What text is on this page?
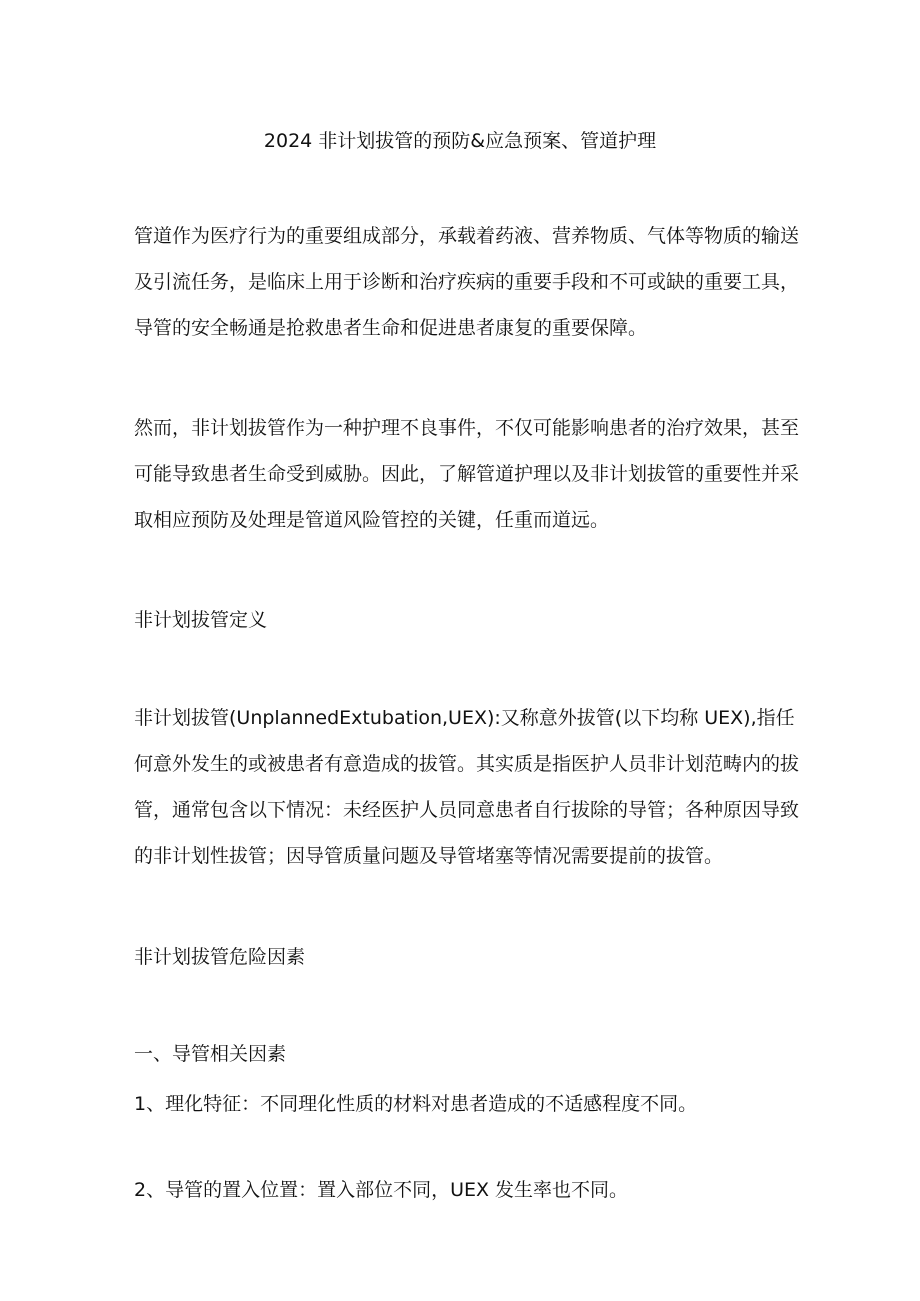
2024 非计划拔管的预防&应急预案、管道护理
管道作为医疗行为的重要组成部分，承载着药液、营养物质、气体等物质的输送
及引流任务，是临床上用于诊断和治疗疾病的重要手段和不可或缺的重要工具，
导管的安全畅通是抢救患者生命和促进患者康复的重要保障。
然而，非计划拔管作为一种护理不良事件，不仅可能影响患者的治疗效果，甚至
可能导致患者生命受到威胁。因此，了解管道护理以及非计划拔管的重要性并采
取相应预防及处理是管道风险管控的关键，任重而道远。
非计划拔管定义
非计划拔管(UnplannedExtubation,UEX):又称意外拔管(以下均称 UEX),指任
何意外发生的或被患者有意造成的拔管。其实质是指医护人员非计划范畴内的拔
管，通常包含以下情况：未经医护人员同意患者自行拔除的导管；各种原因导致
的非计划性拔管；因导管质量问题及导管堵塞等情况需要提前的拔管。
非计划拔管危险因素
一、导管相关因素
1、理化特征：不同理化性质的材料对患者造成的不适感程度不同。
2、导管的置入位置：置入部位不同，UEX 发生率也不同。
